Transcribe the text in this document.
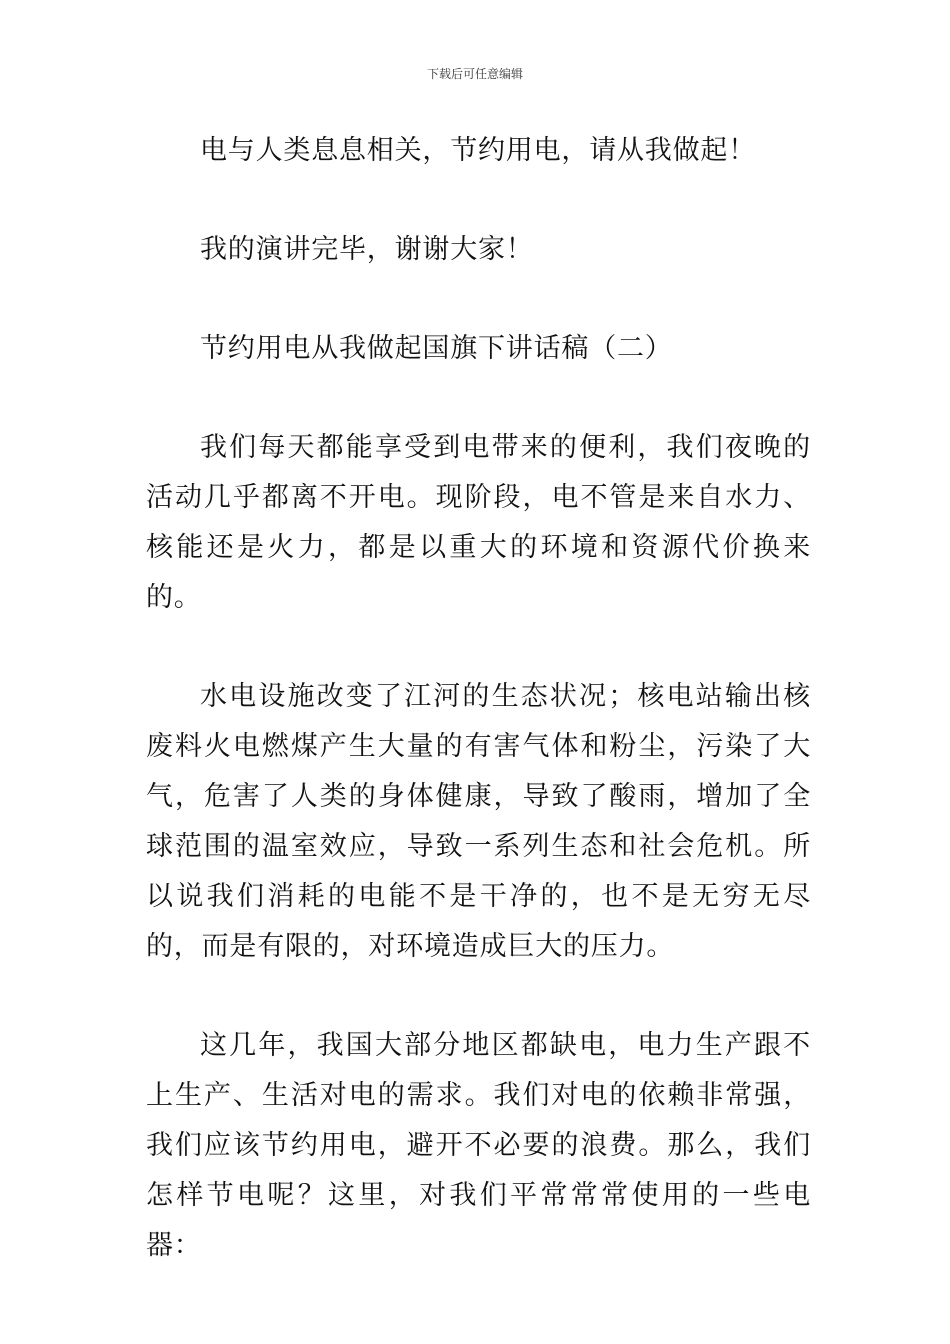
下载后可任意编辑

电与人类息息相关，节约用电，请从我做起！

我的演讲完毕，谢谢大家！

节约用电从我做起国旗下讲话稿（二）

我们每天都能享受到电带来的便利，我们夜晚的活动几乎都离不开电。现阶段，电不管是来自水力、核能还是火力，都是以重大的环境和资源代价换来的。

水电设施改变了江河的生态状况；核电站输出核废料火电燃煤产生大量的有害气体和粉尘，污染了大气，危害了人类的身体健康，导致了酸雨，增加了全球范围的温室效应，导致一系列生态和社会危机。所以说我们消耗的电能不是干净的，也不是无穷无尽的，而是有限的，对环境造成巨大的压力。

这几年，我国大部分地区都缺电，电力生产跟不上生产、生活对电的需求。我们对电的依赖非常强，我们应该节约用电，避开不必要的浪费。那么，我们怎样节电呢？这里，对我们平常常常使用的一些电器：
